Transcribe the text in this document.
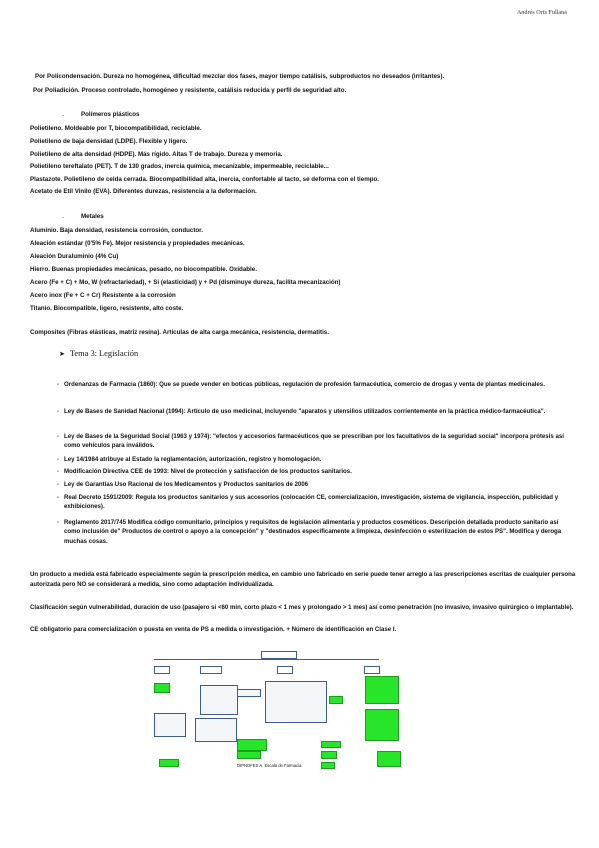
Andrés Orts Fullana
Por Policondensación. Dureza no homogénea, dificultad mezclar dos fases, mayor tiempo catálisis, subproductos no deseados (irritantes).
Por Poliadición. Proceso controlado, homogéneo y resistente, catálisis reducida y perfil de seguridad alto.
-	Polímeros plásticos
Polietileno. Moldeable por T, biocompatibilidad, reciclable.
Polietileno de baja densidad (LDPE). Flexible y ligero.
Polietileno de alta densidad (HDPE). Más rígido. Altas T de trabajo. Dureza y memoria.
Polietileno tereftalato (PET). T de 130 grados, inercia química, mecanizable, impermeable, reciclable...
Plastazote. Polietileno de celda cerrada. Biocompatibilidad alta, inercia, confortable al tacto, se deforma con el tiempo.
Acetato de Etil Vinilo (EVA). Diferentes durezas, resistencia a la deformación.
-	Metales
Aluminio. Baja densidad, resistencia corrosión, conductor.
Aleación estándar (0'5% Fe). Mejor resistencia y propiedades mecánicas.
Aleación Duraluminio (4% Cu)
Hierro. Buenas propiedades mecánicas, pesado, no biocompatible. Oxidable.
Acero (Fe + C) + Mo, W (refractariedad), + Si (elasticidad) y + Pd (disminuye dureza, facilita mecanización)
Acero inox (Fe + C + Cr) Resistente a la corrosión
Titanio. Biocompatible, ligero, resistente, alto coste.
Composites (Fibras elásticas, matriz resina). Articulas de alta carga mecánica, resistencia, dermatitis.
➤ Tema 3: Legislación
- Ordenanzas de Farmacia (1860): Que se puede vender en boticas públicas, regulación de profesión farmacéutica, comercio de drogas y venta de plantas medicinales.
- Ley de Bases de Sanidad Nacional (1994): Artículo de uso medicinal, incluyendo "aparatos y utensilios utilizados corrientemente en la práctica médico-farmacéutica".
- Ley de Bases de la Seguridad Social (1963 y 1974): "efectos y accesorios farmacéuticos que se prescriban por los facultativos de la seguridad social" incorpora prótesis así como vehículos para inválidos.
- Ley 14/1984 atribuye al Estado la reglamentación, autorización, registro y homologación.
- Modificación Directiva CEE de 1993: Nivel de protección y satisfacción de los productos sanitarios.
- Ley de Garantías Uso Racional de los Medicamentos y Productos sanitarios de 2006
- Real Decreto 1591/2009: Regula los productos sanitarios y sus accesorios (colocación CE, comercialización, investigación, sistema de vigilancia, inspección, publicidad y exhibiciones).
- Reglamento 2017/745 Modifica código comunitario, principios y requisitos de legislación alimentaria y productos cosméticos. Descripción detallada producto sanitario así como inclusión de" Productos de control o apoyo a la concepción" y "destinados específicamente a limpieza, desinfección o esterilización de estos PS". Modifica y deroga muchas cosas.
Un producto a medida está fabricado especialmente según la prescripción médica, en cambio uno fabricado en serie puede tener arreglo a las prescripciones escritas de cualquier persona autorizada pero NO se considerará a medida, sino como adaptación individualizada.
Clasificación según vulnerabilidad, duración de uso (pasajero si <60 min, corto plazo < 1 mes y prolongado > 1 mes) así como penetración (no invasivo, invasivo quirúrgico o implantable).
CE obligatorio para comercialización o puesta en venta de PS a medida o investigación. + Número de identificación en Clase I.
DIPNOFES A. Escala de Farmacia
